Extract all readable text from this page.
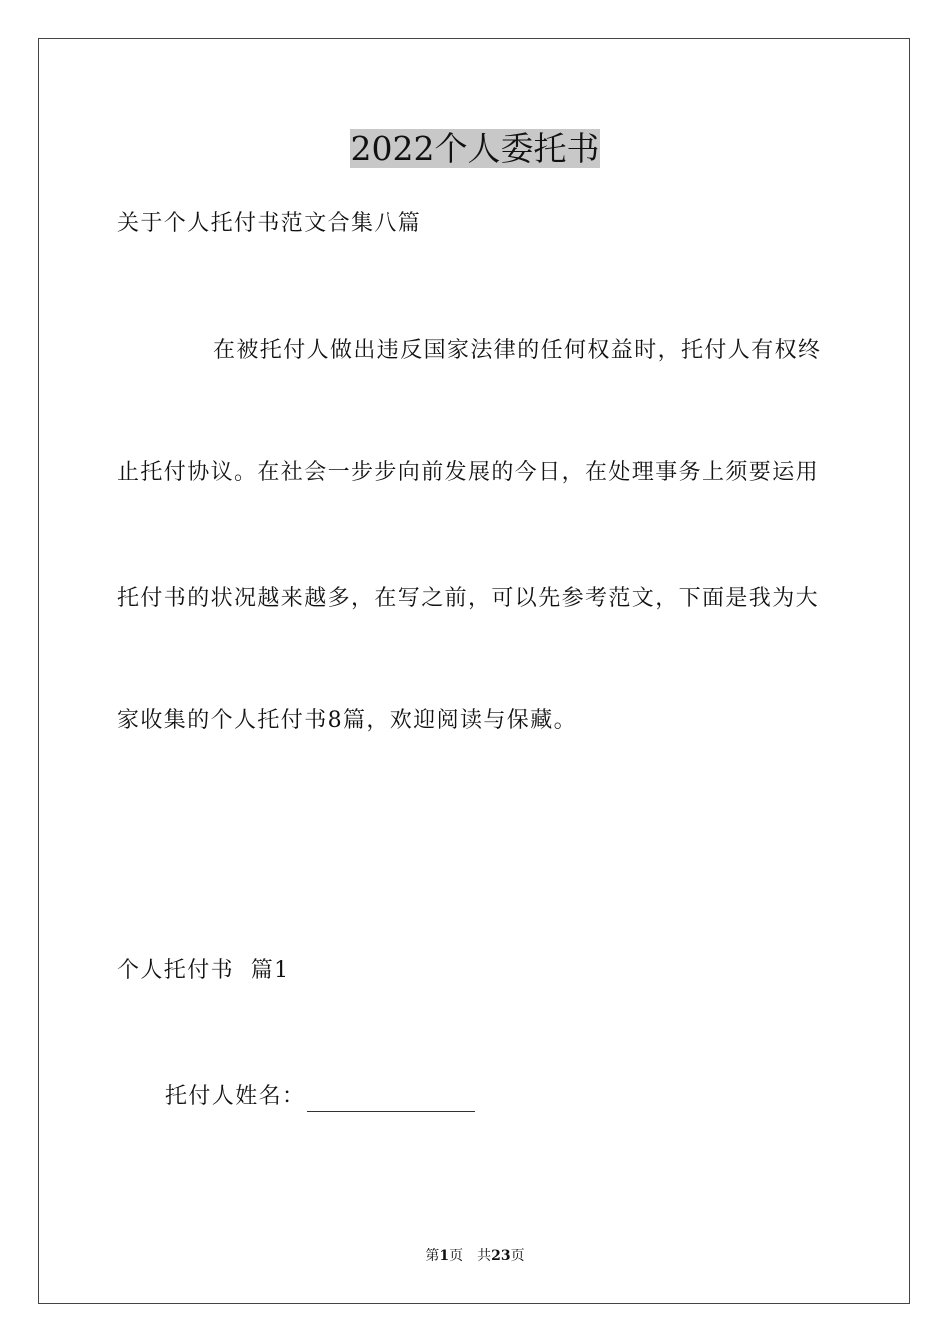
2022个人委托书
关于个人托付书范文合集八篇
在被托付人做出违反国家法律的任何权益时，托付人有权终
止托付协议。在社会一步步向前发展的今日，在处理事务上须要运用
托付书的状况越来越多，在写之前，可以先参考范文，下面是我为大
家收集的个人托付书8篇，欢迎阅读与保藏。
个人托付书  篇1
托付人姓名：
第1页 共23页
